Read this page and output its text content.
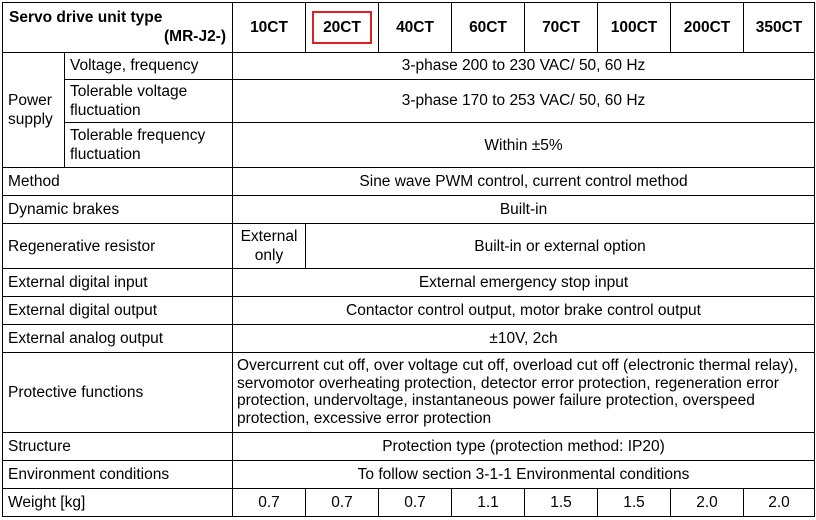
Servo drive unit type
(MR-J2-)		10CT	20CT	40CT	60CT	70CT	100CT	200CT	350CT
Power supply	Voltage, frequency	3-phase 200 to 230 VAC/ 50, 60 Hz							
	Tolerable voltage fluctuation	3-phase 170 to 253 VAC/ 50, 60 Hz							
	Tolerable frequency fluctuation	Within ±5%							
Method		Sine wave PWM control, current control method							
Dynamic brakes		Built-in							
Regenerative resistor		External only	Built-in or external option						
External digital input		External emergency stop input							
External digital output		Contactor control output, motor brake control output							
External analog output		±10V, 2ch							
Protective functions		Overcurrent cut off, over voltage cut off, overload cut off (electronic thermal relay), servomotor overheating protection, detector error protection, regeneration error protection, undervoltage, instantaneous power failure protection, overspeed protection, excessive error protection							
Structure		Protection type (protection method: IP20)							
Environment conditions		To follow section 3-1-1 Environmental conditions							
Weight [kg]		0.7	0.7	0.7	1.1	1.5	1.5	2.0	2.0
